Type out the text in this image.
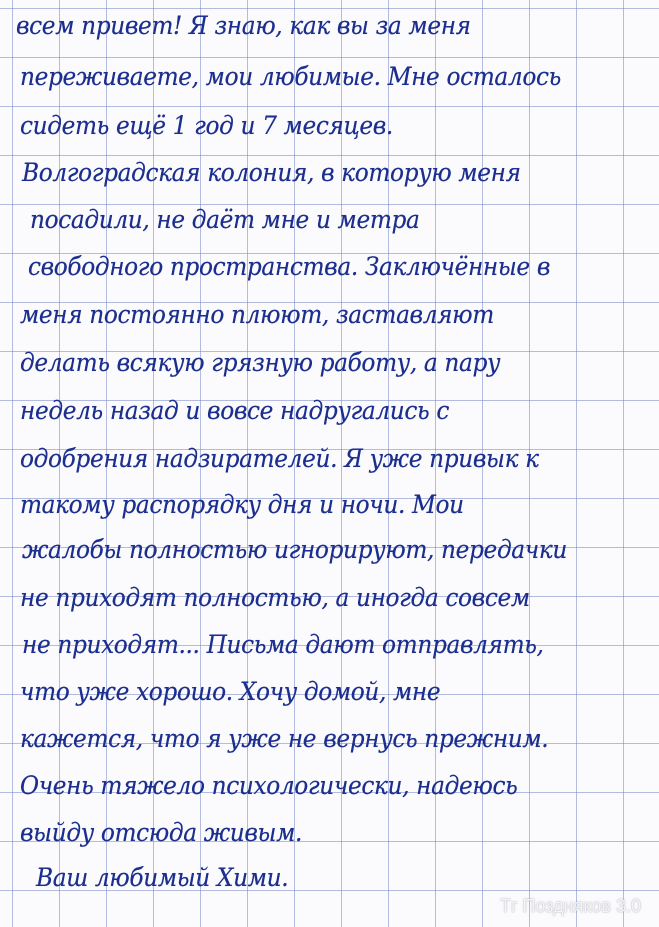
всем привет! Я знаю, как вы за меня
переживаете, мои любимые. Мне осталось
сидеть ещё 1 год и 7 месяцев.
Волгоградская колония, в которую меня
посадили, не даёт мне и метра
свободного пространства. Заключённые в
меня постоянно плюют, заставляют
делать всякую грязную работу, а пару
недель назад и вовсе надругались с
одобрения надзирателей. Я уже привык к
такому распорядку дня и ночи. Мои
жалобы полностью игнорируют, передачки
не приходят полностью, а иногда совсем
не приходят... Письма дают отправлять,
что уже хорошо. Хочу домой, мне
кажется, что я уже не вернусь прежним.
Очень тяжело психологически, надеюсь
выйду отсюда живым.
Ваш любимый Хими.
Tг Поздняков 3.0
